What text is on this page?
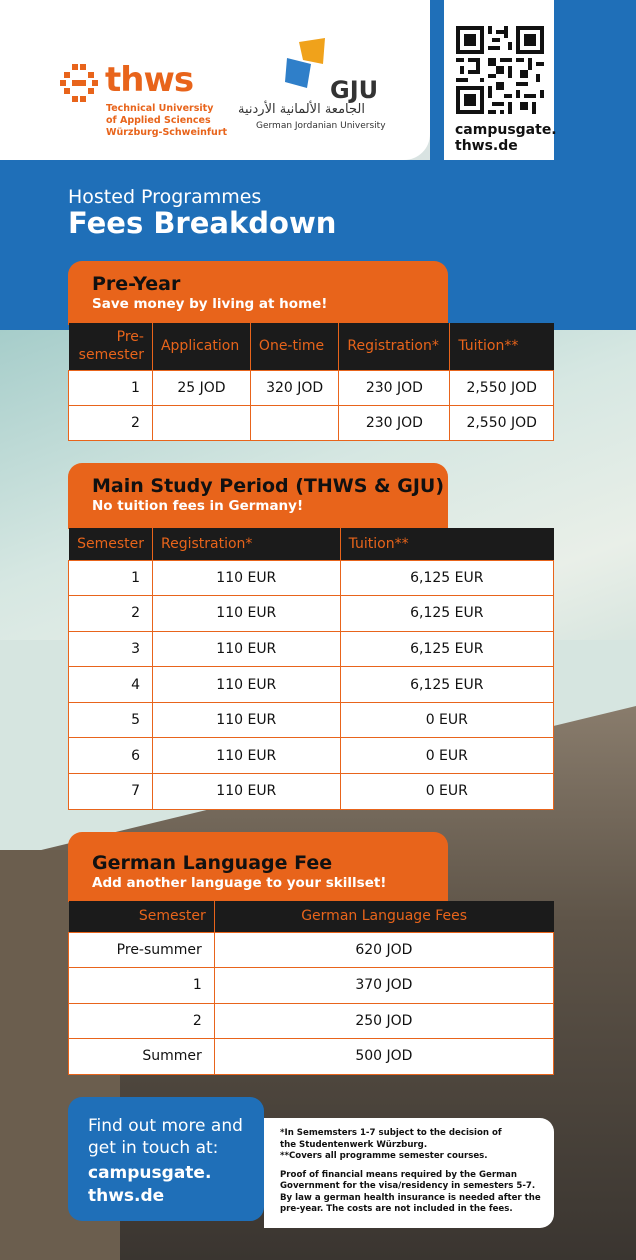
thws
Technical University
of Applied Sciences
Würzburg-Schweinfurt
GJU
الجامعة الألمانية الأردنية
German Jordanian University	campusgate.
thws.de
Hosted Programmes
Fees Breakdown
Pre-Year
Save money by living at home!
Pre-semester	Application	One-time	Registration*	Tuition**
1	25 JOD	320 JOD	230 JOD	2,550 JOD
2			230 JOD	2,550 JOD
Main Study Period (THWS & GJU)
No tuition fees in Germany!
Semester	Registration*	Tuition**
1	110 EUR	6,125 EUR
2	110 EUR	6,125 EUR
3	110 EUR	6,125 EUR
4	110 EUR	6,125 EUR
5	110 EUR	0 EUR
6	110 EUR	0 EUR
7	110 EUR	0 EUR
German Language Fee
Add another language to your skillset!
Semester	German Language Fees
Pre-summer	620 JOD
1	370 JOD
2	250 JOD
Summer	500 JOD
*In Sememsters 1-7 subject to the decision of
the Studentenwerk Würzburg.
**Covers all programme semester courses.
Proof of financial means required by the German
Government for the visa/residency in semesters 5-7.
By law a german health insurance is needed after the
pre-year. The costs are not included in the fees.
Find out more and
get in touch at:
campusgate.
thws.de
